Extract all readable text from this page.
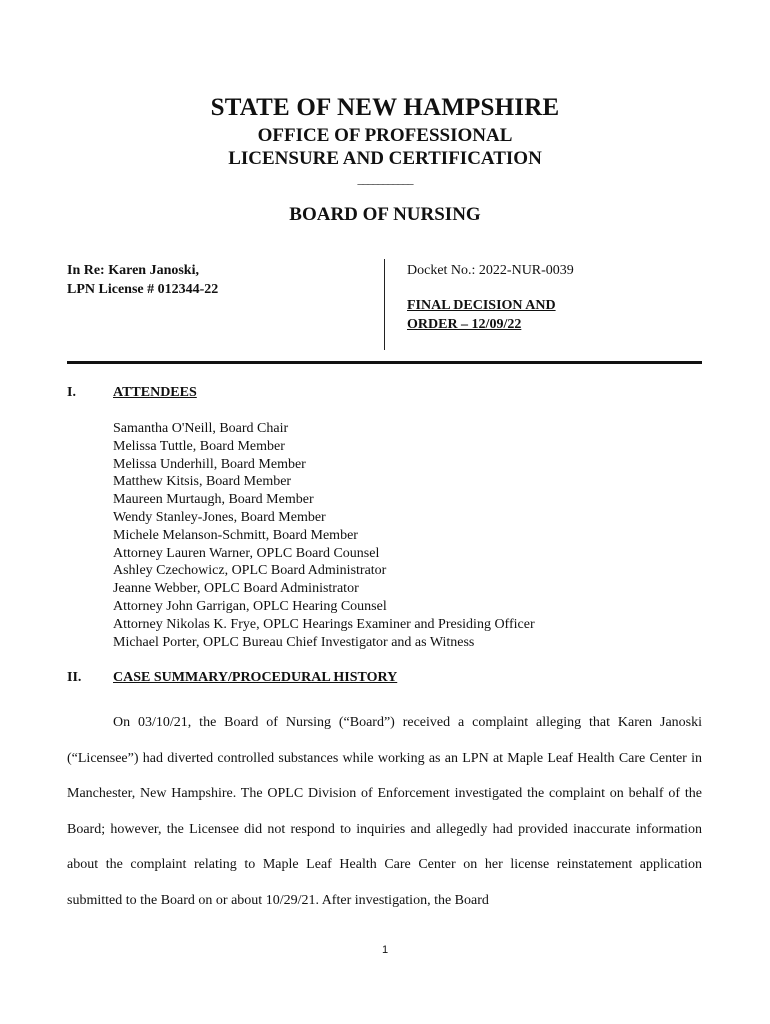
STATE OF NEW HAMPSHIRE
OFFICE OF PROFESSIONAL
LICENSURE AND CERTIFICATION
___________
BOARD OF NURSING
In Re: Karen Janoski,
LPN License # 012344-22
Docket No.: 2022-NUR-0039
FINAL DECISION AND ORDER – 12/09/22
I.	ATTENDEES
Samantha O'Neill, Board Chair
Melissa Tuttle, Board Member
Melissa Underhill, Board Member
Matthew Kitsis, Board Member
Maureen Murtaugh, Board Member
Wendy Stanley-Jones, Board Member
Michele Melanson-Schmitt, Board Member
Attorney Lauren Warner, OPLC Board Counsel
Ashley Czechowicz, OPLC Board Administrator
Jeanne Webber, OPLC Board Administrator
Attorney John Garrigan, OPLC Hearing Counsel
Attorney Nikolas K. Frye, OPLC Hearings Examiner and Presiding Officer
Michael Porter, OPLC Bureau Chief Investigator and as Witness
II. CASE SUMMARY/PROCEDURAL HISTORY

On 03/10/21, the Board of Nursing (“Board”) received a complaint alleging that Karen Janoski (“Licensee”) had diverted controlled substances while working as an LPN at Maple Leaf Health Care Center in Manchester, New Hampshire. The OPLC Division of Enforcement investigated the complaint on behalf of the Board; however, the Licensee did not respond to inquiries and allegedly had provided inaccurate information about the complaint relating to Maple Leaf Health Care Center on her license reinstatement application submitted to the Board on or about 10/29/21. After investigation, the Board

1
